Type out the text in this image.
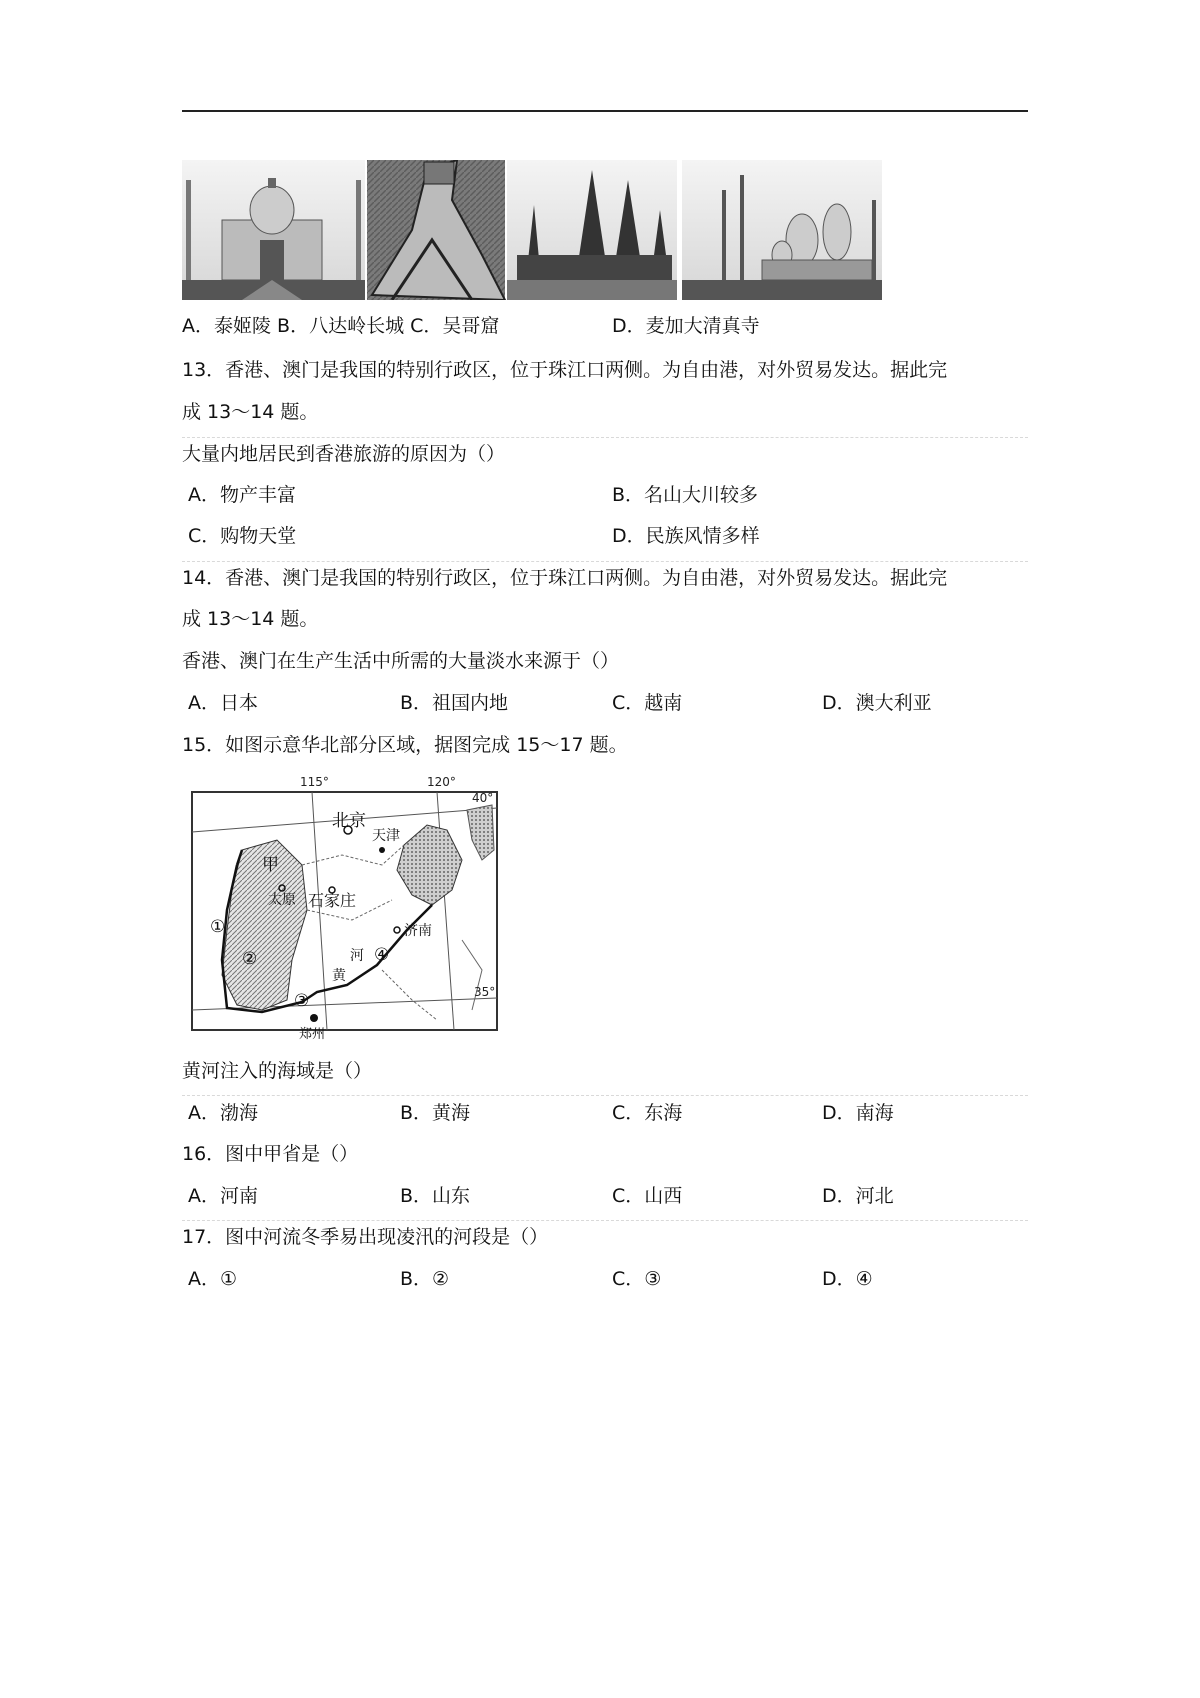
A．泰姬陵 B．八达岭长城 C．吴哥窟	D．麦加大清真寺
13．香港、澳门是我国的特别行政区，位于珠江口两侧。为自由港，对外贸易发达。据此完
成 13～14 题。
大量内地居民到香港旅游的原因为（）
A．物产丰富	B．名山大川较多
C．购物天堂	D．民族风情多样
14．香港、澳门是我国的特别行政区，位于珠江口两侧。为自由港，对外贸易发达。据此完
成 13～14 题。
香港、澳门在生产生活中所需的大量淡水来源于（）
A．日本	B．祖国内地	C．越南	D．澳大利亚
15．如图示意华北部分区域，据图完成 15～17 题。
115°	120°
40°
35°
北京
天津
甲
太原 石家庄
济南
郑州
黄
河
①
②
③
④
黄河注入的海域是（）
A．渤海	B．黄海	C．东海	D．南海
16．图中甲省是（）
A．河南	B．山东	C．山西	D．河北
17．图中河流冬季易出现凌汛的河段是（）
A．①	B．②	C．③	D．④
